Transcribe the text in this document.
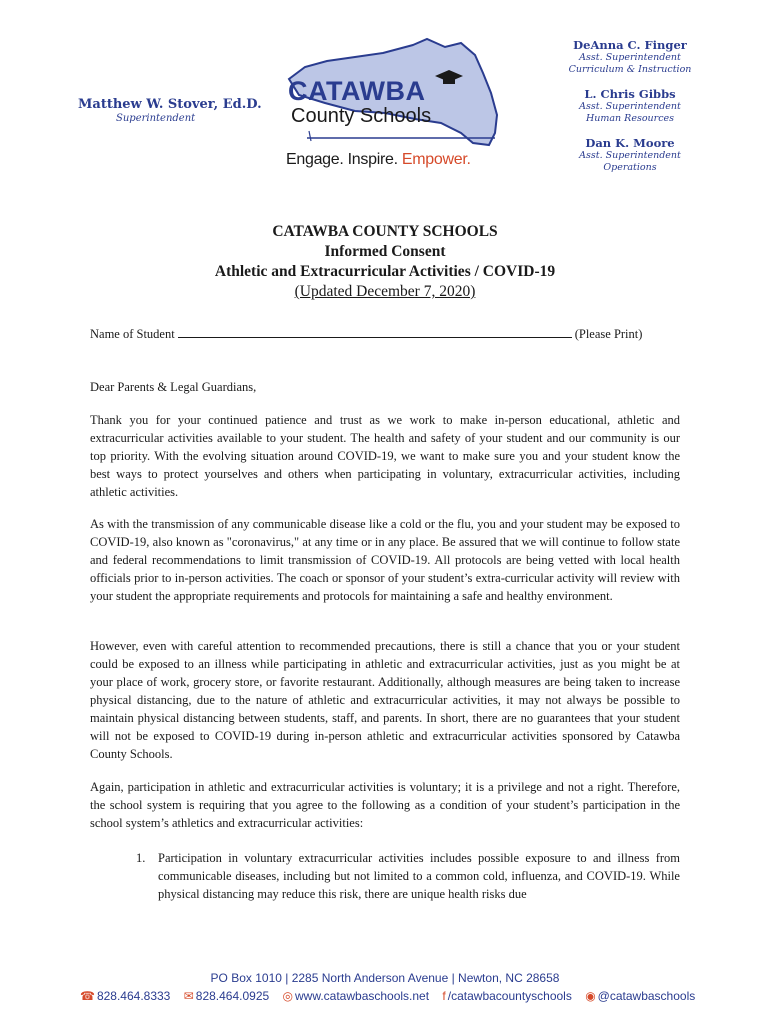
Matthew W. Stover, Ed.D.
Superintendent
CATAWBA
County Schools
Engage. Inspire. Empower.
DeAnna C. Finger
Asst. Superintendent
Curriculum & Instruction
L. Chris Gibbs
Asst. Superintendent
Human Resources
Dan K. Moore
Asst. Superintendent
Operations
CATAWBA COUNTY SCHOOLS
Informed Consent
Athletic and Extracurricular Activities / COVID-19
(Updated December 7, 2020)
Name of Student	(Please Print)
Dear Parents & Legal Guardians,
Thank you for your continued patience and trust as we work to make in-person educational, athletic and extracurricular activities available to your student. The health and safety of your student and our community is our top priority. With the evolving situation around COVID-19, we want to make sure you and your student know the best ways to protect yourselves and others when participating in voluntary, extracurricular activities, including athletic activities.
As with the transmission of any communicable disease like a cold or the flu, you and your student may be exposed to COVID-19, also known as "coronavirus," at any time or in any place. Be assured that we will continue to follow state and federal recommendations to limit transmission of COVID-19. All protocols are being vetted with local health officials prior to in-person activities. The coach or sponsor of your student’s extra-curricular activity will review with your student the appropriate requirements and protocols for maintaining a safe and healthy environment.
However, even with careful attention to recommended precautions, there is still a chance that you or your student could be exposed to an illness while participating in athletic and extracurricular activities, just as you might be at your place of work, grocery store, or favorite restaurant. Additionally, although measures are being taken to increase physical distancing, due to the nature of athletic and extracurricular activities, it may not always be possible to maintain physical distancing between students, staff, and parents. In short, there are no guarantees that your student will not be exposed to COVID-19 during in-person athletic and extracurricular activities sponsored by Catawba County Schools.
Again, participation in athletic and extracurricular activities is voluntary; it is a privilege and not a right. Therefore, the school system is requiring that you agree to the following as a condition of your student’s participation in the school system’s athletics and extracurricular activities:
1. Participation in voluntary extracurricular activities includes possible exposure to and illness from communicable diseases, including but not limited to a common cold, influenza, and COVID-19. While physical distancing may reduce this risk, there are unique health risks due
PO Box 1010 | 2285 North Anderson Avenue | Newton, NC 28658
☎ 828.464.8333 ✉ 828.464.0925 ◎ www.catawbaschools.net f /catawbacountyschools ◉ @catawbaschools
